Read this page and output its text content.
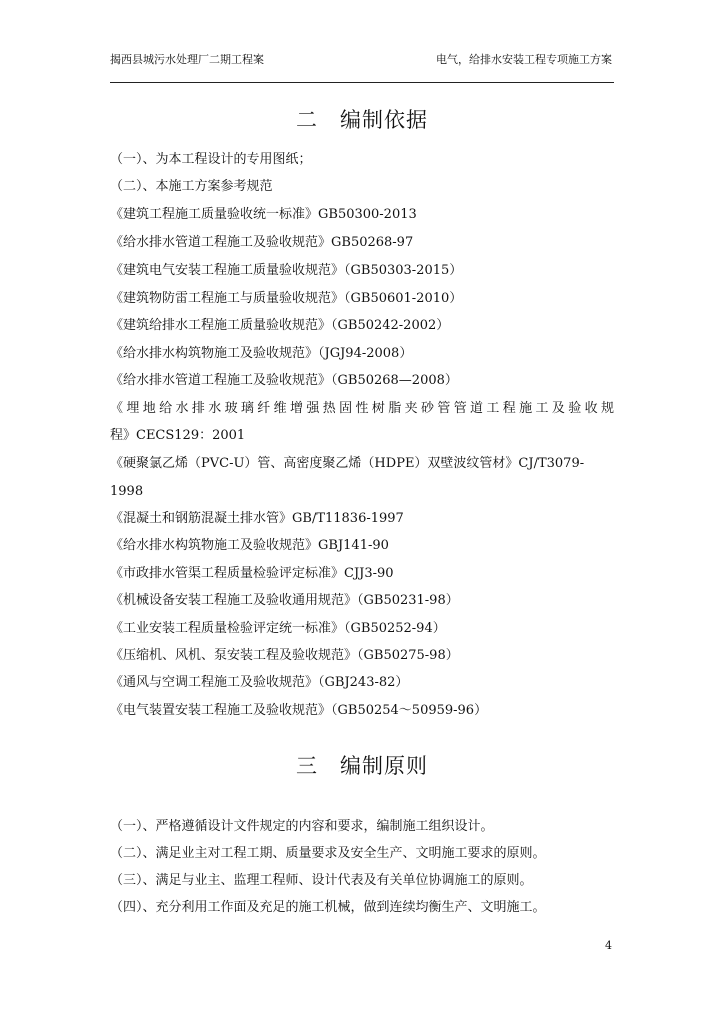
揭西县城污水处理厂二期工程案	电气，给排水安装工程专项施工方案
二 编制依据
（一）、为本工程设计的专用图纸；
（二）、本施工方案参考规范
《建筑工程施工质量验收统一标准》GB50300-2013
《给水排水管道工程施工及验收规范》GB50268-97
《建筑电气安装工程施工质量验收规范》（GB50303-2015）
《建筑物防雷工程施工与质量验收规范》（GB50601-2010）
《建筑给排水工程施工质量验收规范》（GB50242-2002）
《给水排水构筑物施工及验收规范》（JGJ94-2008）
《给水排水管道工程施工及验收规范》（GB50268—2008）
《埋地给水排水玻璃纤维增强热固性树脂夹砂管管道工程施工及验收规
程》CECS129：2001
《硬聚氯乙烯（PVC-U）管、高密度聚乙烯（HDPE）双壁波纹管材》CJ/T3079-
1998
《混凝土和钢筋混凝土排水管》GB/T11836-1997
《给水排水构筑物施工及验收规范》GBJ141-90
《市政排水管渠工程质量检验评定标准》CJJ3-90
《机械设备安装工程施工及验收通用规范》（GB50231-98）
《工业安装工程质量检验评定统一标准》（GB50252-94）
《压缩机、风机、泵安装工程及验收规范》（GB50275-98）
《通风与空调工程施工及验收规范》（GBJ243-82）
《电气装置安装工程施工及验收规范》（GB50254～50959-96）
三 编制原则
（一）、严格遵循设计文件规定的内容和要求，编制施工组织设计。
（二）、满足业主对工程工期、质量要求及安全生产、文明施工要求的原则。
（三）、满足与业主、监理工程师、设计代表及有关单位协调施工的原则。
（四）、充分利用工作面及充足的施工机械，做到连续均衡生产、文明施工。
4
